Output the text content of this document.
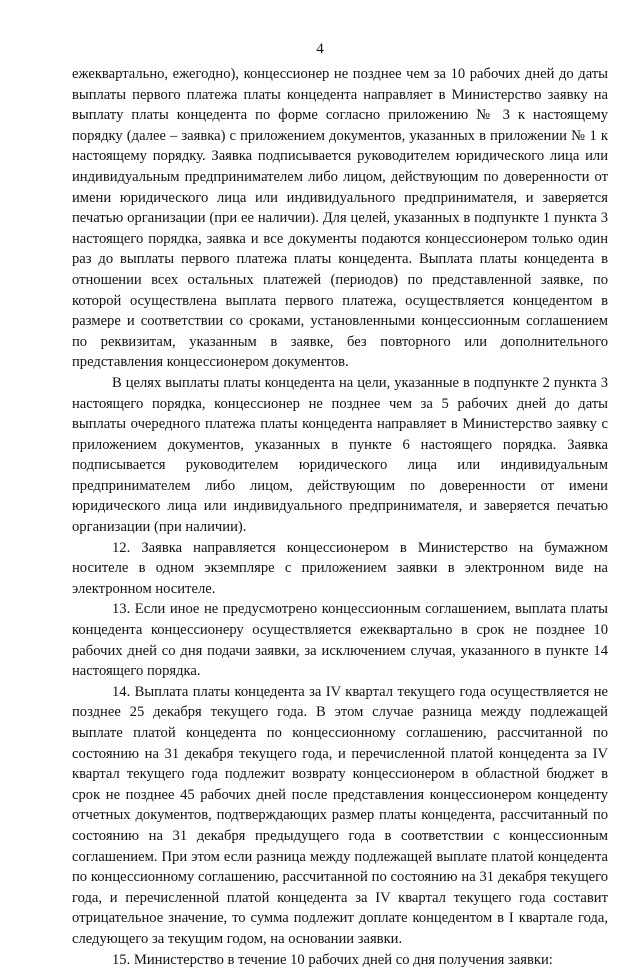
4

ежеквартально, ежегодно), концессионер не позднее чем за 10 рабочих дней до даты выплаты первого платежа платы концедента направляет в Министерство заявку на выплату платы концедента по форме согласно приложению № 3 к настоящему порядку (далее – заявка) с приложением документов, указанных в приложении № 1 к настоящему порядку. Заявка подписывается руководителем юридического лица или индивидуальным предпринимателем либо лицом, действующим по доверенности от имени юридического лица или индивидуального предпринимателя, и заверяется печатью организации (при ее наличии). Для целей, указанных в подпункте 1 пункта 3 настоящего порядка, заявка и все документы подаются концессионером только один раз до выплаты первого платежа платы концедента. Выплата платы концедента в отношении всех остальных платежей (периодов) по представленной заявке, по которой осуществлена выплата первого платежа, осуществляется концедентом в размере и соответствии со сроками, установленными концессионным соглашением по реквизитам, указанным в заявке, без повторного или дополнительного представления концессионером документов.

В целях выплаты платы концедента на цели, указанные в подпункте 2 пункта 3 настоящего порядка, концессионер не позднее чем за 5 рабочих дней до даты выплаты очередного платежа платы концедента направляет в Министерство заявку с приложением документов, указанных в пункте 6 настоящего порядка. Заявка подписывается руководителем юридического лица или индивидуальным предпринимателем либо лицом, действующим по доверенности от имени юридического лица или индивидуального предпринимателя, и заверяется печатью организации (при наличии).

12. Заявка направляется концессионером в Министерство на бумажном носителе в одном экземпляре с приложением заявки в электронном виде на электронном носителе.

13. Если иное не предусмотрено концессионным соглашением, выплата платы концедента концессионеру осуществляется ежеквартально в срок не позднее 10 рабочих дней со дня подачи заявки, за исключением случая, указанного в пункте 14 настоящего порядка.

14. Выплата платы концедента за IV квартал текущего года осуществляется не позднее 25 декабря текущего года. В этом случае разница между подлежащей выплате платой концедента по концессионному соглашению, рассчитанной по состоянию на 31 декабря текущего года, и перечисленной платой концедента за IV квартал текущего года подлежит возврату концессионером в областной бюджет в срок не позднее 45 рабочих дней после представления концессионером концеденту отчетных документов, подтверждающих размер платы концедента, рассчитанный по состоянию на 31 декабря предыдущего года в соответствии с концессионным соглашением. При этом если разница между подлежащей выплате платой концедента по концессионному соглашению, рассчитанной по состоянию на 31 декабря текущего года, и перечисленной платой концедента за IV квартал текущего года составит отрицательное значение, то сумма подлежит доплате концедентом в I квартале года, следующего за текущим годом, на основании заявки.

15. Министерство в течение 10 рабочих дней со дня получения заявки:
